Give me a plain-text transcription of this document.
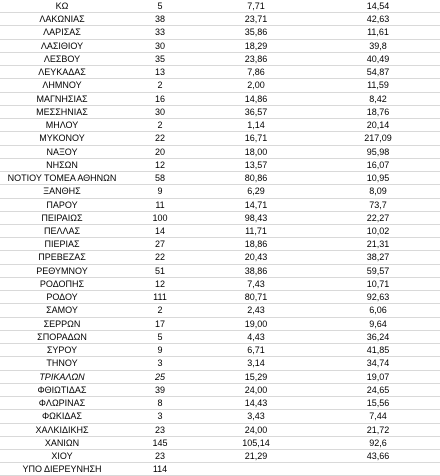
ΚΩ	5	7,71	14,54
ΛΑΚΩΝΙΑΣ	38	23,71	42,63
ΛΑΡΙΣΑΣ	33	35,86	11,61
ΛΑΣΙΘΙΟΥ	30	18,29	39,8
ΛΕΣΒΟΥ	35	23,86	40,49
ΛΕΥΚΑΔΑΣ	13	7,86	54,87
ΛΗΜΝΟΥ	2	2,00	11,59
ΜΑΓΝΗΣΙΑΣ	16	14,86	8,42
ΜΕΣΣΗΝΙΑΣ	30	36,57	18,76
ΜΗΛΟΥ	2	1,14	20,14
ΜΥΚΟΝΟΥ	22	16,71	217,09
ΝΑΞΟΥ	20	18,00	95,98
ΝΗΣΩΝ	12	13,57	16,07
ΝΟΤΙΟΥ ΤΟΜΕΑ ΑΘΗΝΩΝ	58	80,86	10,95
ΞΑΝΘΗΣ	9	6,29	8,09
ΠΑΡΟΥ	11	14,71	73,7
ΠΕΙΡΑΙΩΣ	100	98,43	22,27
ΠΕΛΛΑΣ	14	11,71	10,02
ΠΙΕΡΙΑΣ	27	18,86	21,31
ΠΡΕΒΕΖΑΣ	22	20,43	38,27
ΡΕΘΥΜΝΟΥ	51	38,86	59,57
ΡΟΔΟΠΗΣ	12	7,43	10,71
ΡΟΔΟΥ	111	80,71	92,63
ΣΑΜΟΥ	2	2,43	6,06
ΣΕΡΡΩΝ	17	19,00	9,64
ΣΠΟΡΑΔΩΝ	5	4,43	36,24
ΣΥΡΟΥ	9	6,71	41,85
ΤΗΝΟΥ	3	3,14	34,74
ΤΡΙΚΑΛΩΝ	25	15,29	19,07
ΦΘΙΩΤΙΔΑΣ	39	24,00	24,65
ΦΛΩΡΙΝΑΣ	8	14,43	15,56
ΦΩΚΙΔΑΣ	3	3,43	7,44
ΧΑΛΚΙΔΙΚΗΣ	23	24,00	21,72
ΧΑΝΙΩΝ	145	105,14	92,6
ΧΙΟΥ	23	21,29	43,66
ΥΠΟ ΔΙΕΡΕΥΝΗΣΗ	114		
